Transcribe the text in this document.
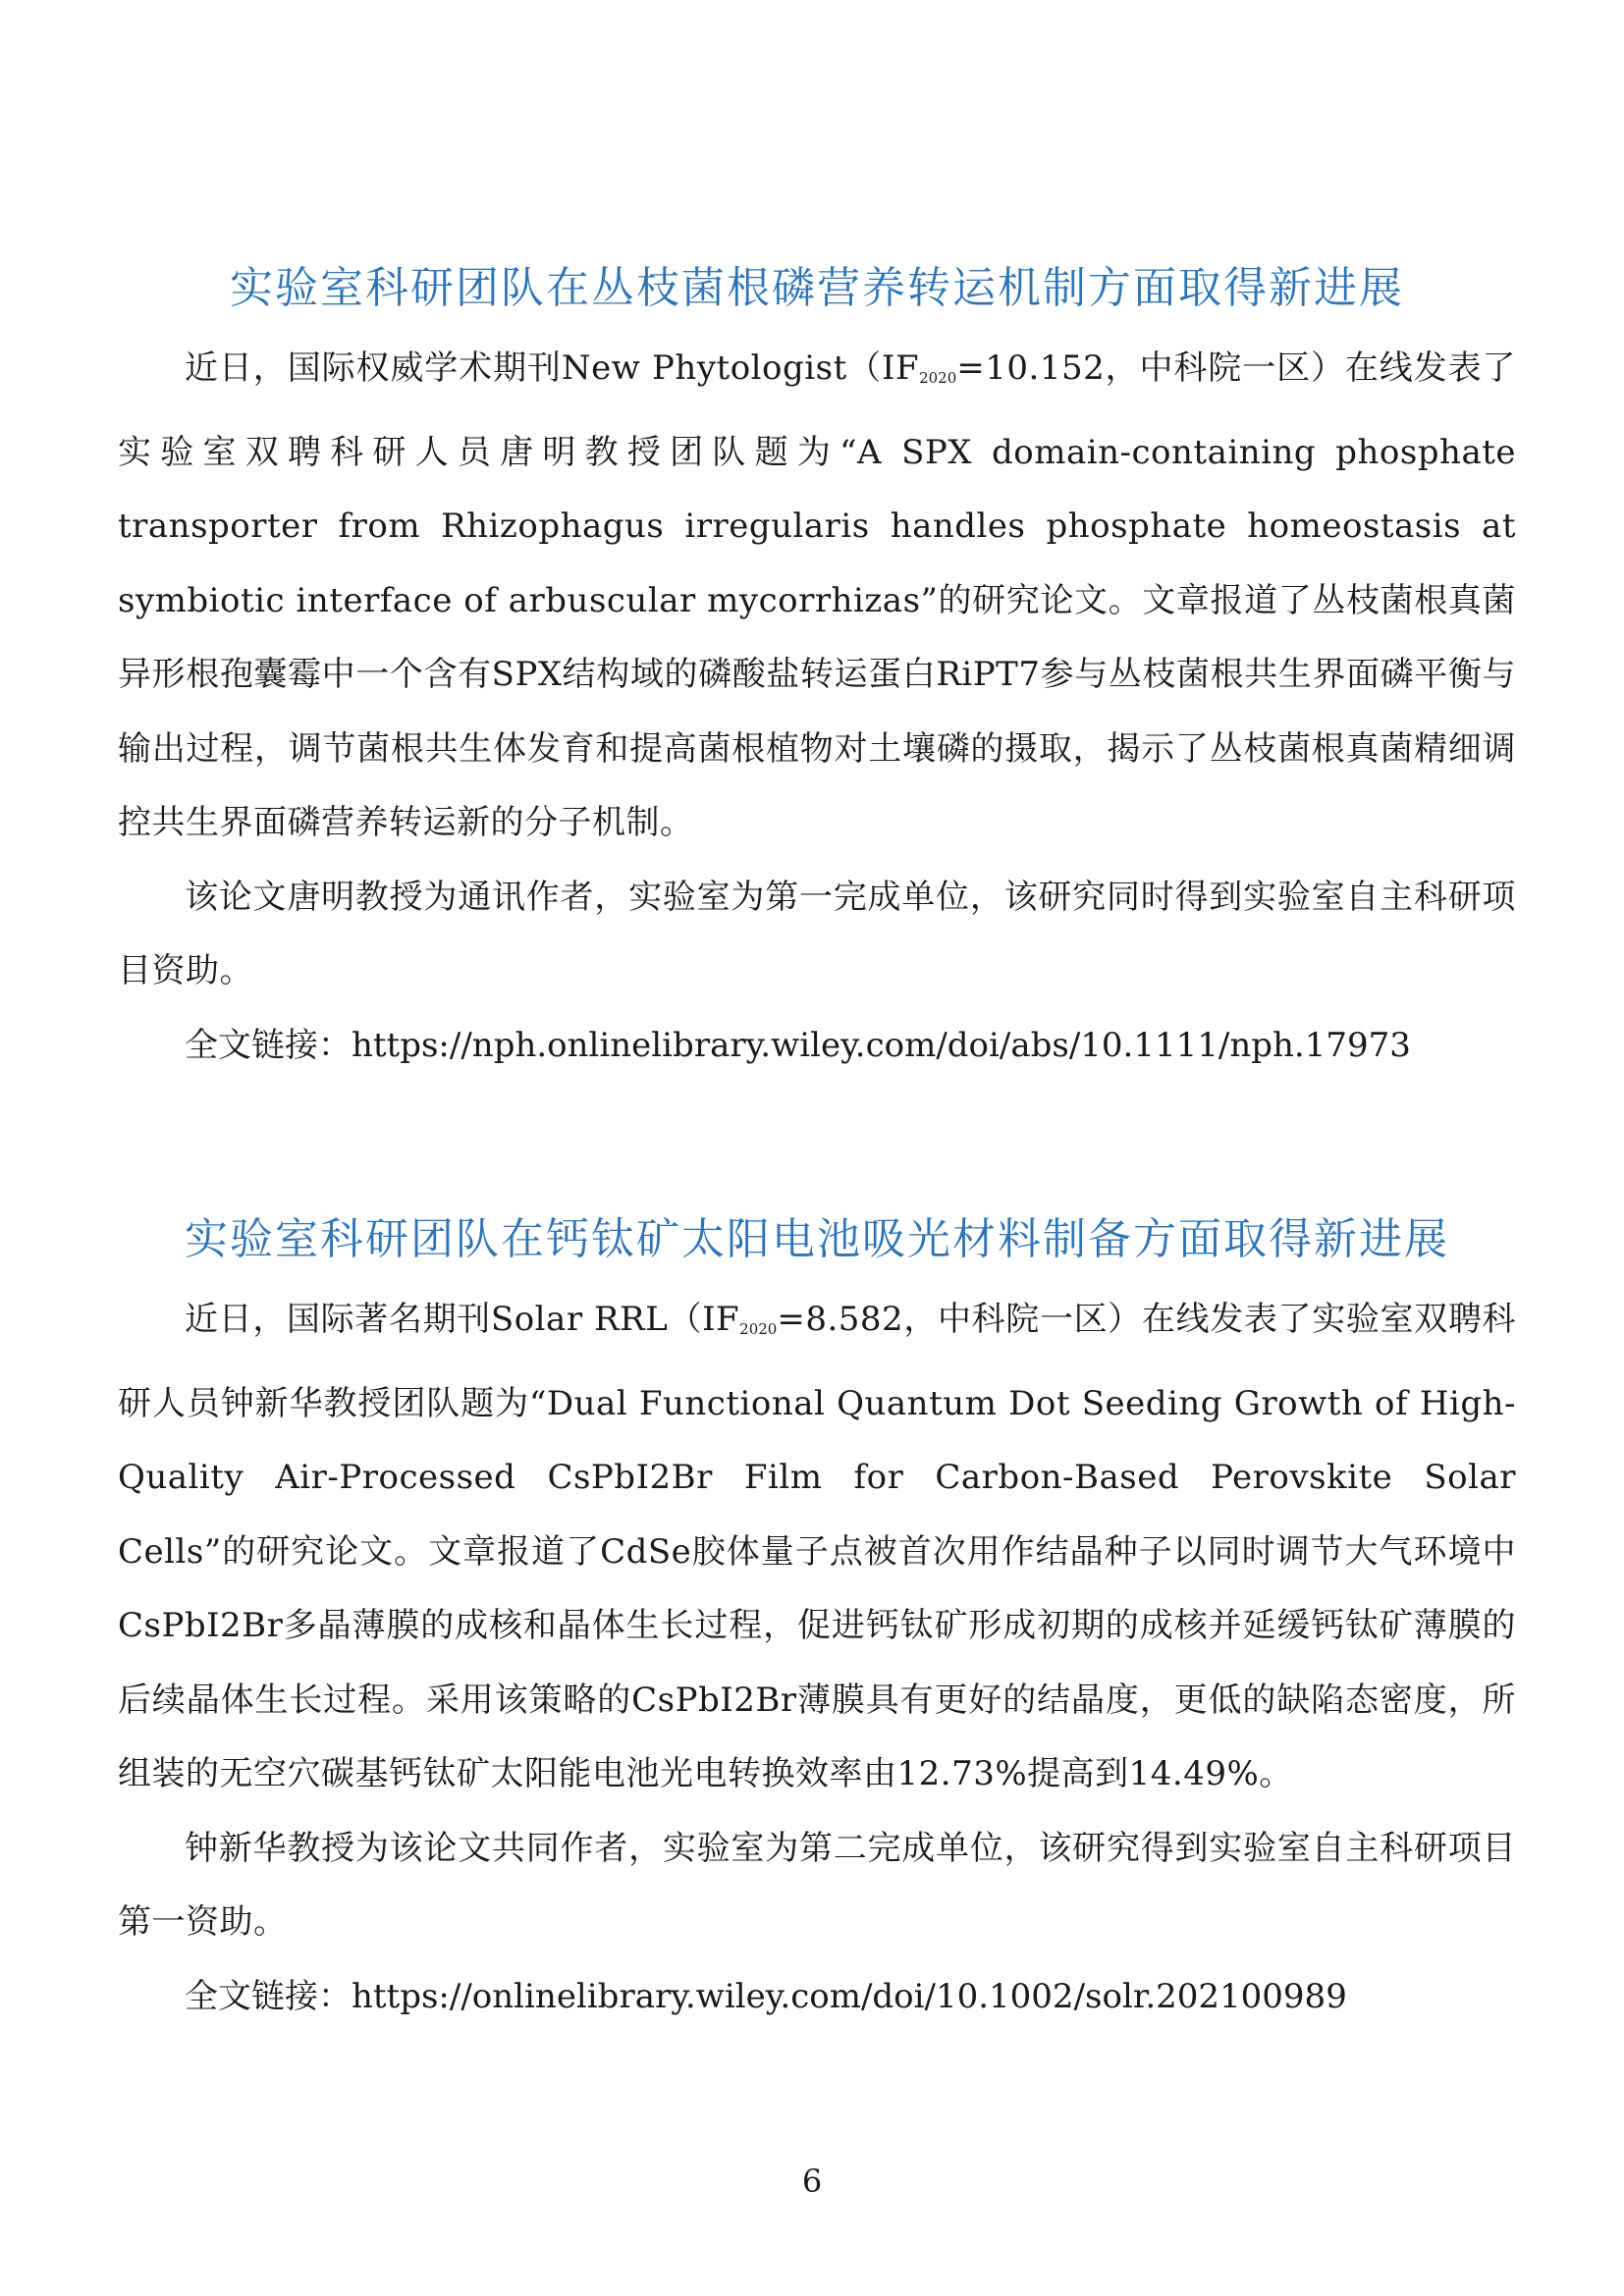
实验室科研团队在丛枝菌根磷营养转运机制方面取得新进展

近日，国际权威学术期刊New $Phytologist(IF_{2020}=10.152$，中科院一区）在线发表了实验室双聘科研人员唐明教授团队题为“A SPX domain-containing phosphate transporter from Rhizophagus irregularis handles phosphate homeostasis at symbiotic interface of arbuscular mycorrhizas”的研究论文。文章报道了丛枝菌根真菌异形根孢囊霉中一个含有SPX结构域的磷酸盐转运蛋白RiPT7参与丛枝菌根共生界面磷平衡与输出过程，调节菌根共生体发育和提高菌根植物对土壤磷的摄取，揭示了丛枝菌根真菌精细调控共生界面磷营养转运新的分子机制。

该论文唐明教授为通讯作者，实验室为第一完成单位，该研究同时得到实验室自主科研项目资助。

全文链接：https://nph.onlinelibrary.wiley.com/doi/abs/10.1111/nph.17973

实验室科研团队在钙钛矿太阳电池吸光材料制备方面取得新进展

近日，国际著名期刊Solar $RRL(IF_{2020}=8.582$，中科院一区）在线发表了实验室双聘科研人员钟新华教授团队题为“Dual Functional Quantum Dot Seeding Growth of High-Quality Air-Processed CsPbI2Br Film for Carbon-Based Perovskite Solar Cells”的研究论文。文章报道了CdSe胶体量子点被首次用作结晶种子以同时调节大气环境中CsPbI2Br多晶薄膜的成核和晶体生长过程，促进钙钛矿形成初期的成核并延缓钙钛矿薄膜的后续晶体生长过程。采用该策略的CsPbI2Br薄膜具有更好的结晶度，更低的缺陷态密度，所组装的无空穴碳基钙钛矿太阳能电池光电转换效率由12.73%提高到14.49%。

钟新华教授为该论文共同作者，实验室为第二完成单位，该研究得到实验室自主科研项目第一资助。

全文链接：https://onlinelibrary.wiley.com/doi/10.1002/solr.202100989

6
